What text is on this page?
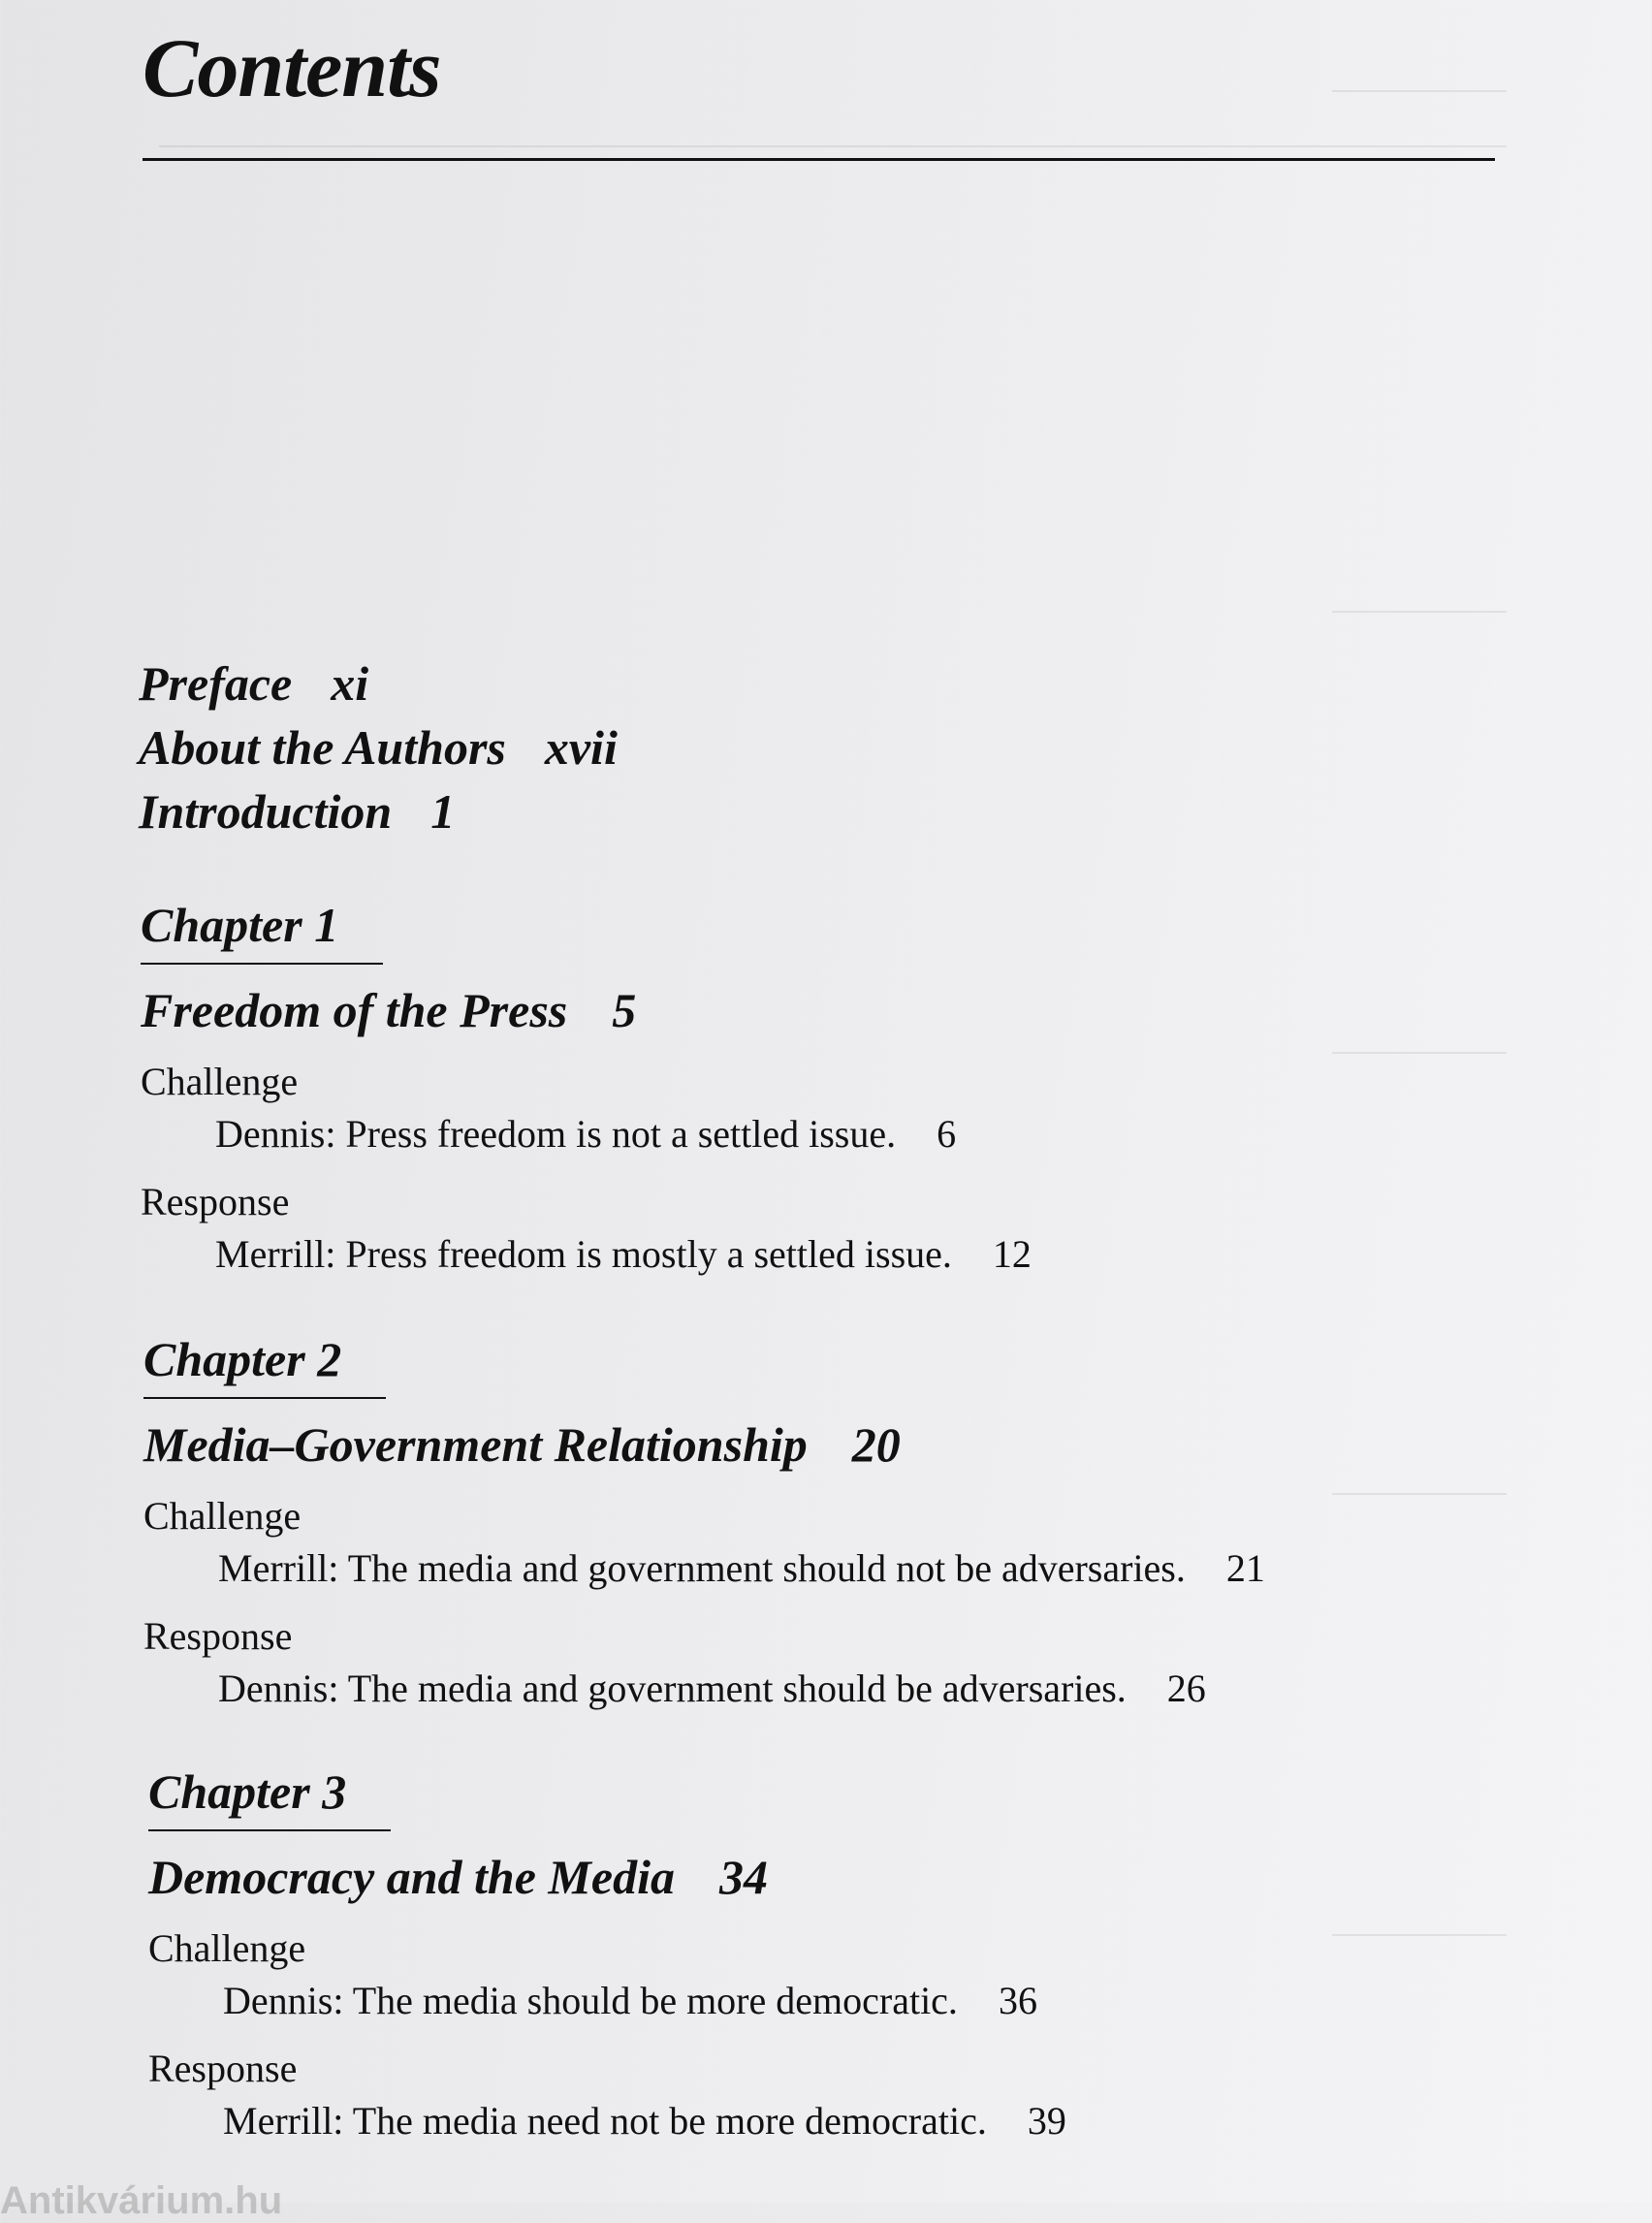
Contents
Preface xi
About the Authors xvii
Introduction 1
Chapter 1
Freedom of the Press 5
Challenge
Dennis: Press freedom is not a settled issue. 6
Response
Merrill: Press freedom is mostly a settled issue. 12
Chapter 2
Media–Government Relationship 20
Challenge
Merrill: The media and government should not be adversaries. 21
Response
Dennis: The media and government should be adversaries. 26
Chapter 3
Democracy and the Media 34
Challenge
Dennis: The media should be more democratic. 36
Response
Merrill: The media need not be more democratic. 39
Antikvárium.hu
